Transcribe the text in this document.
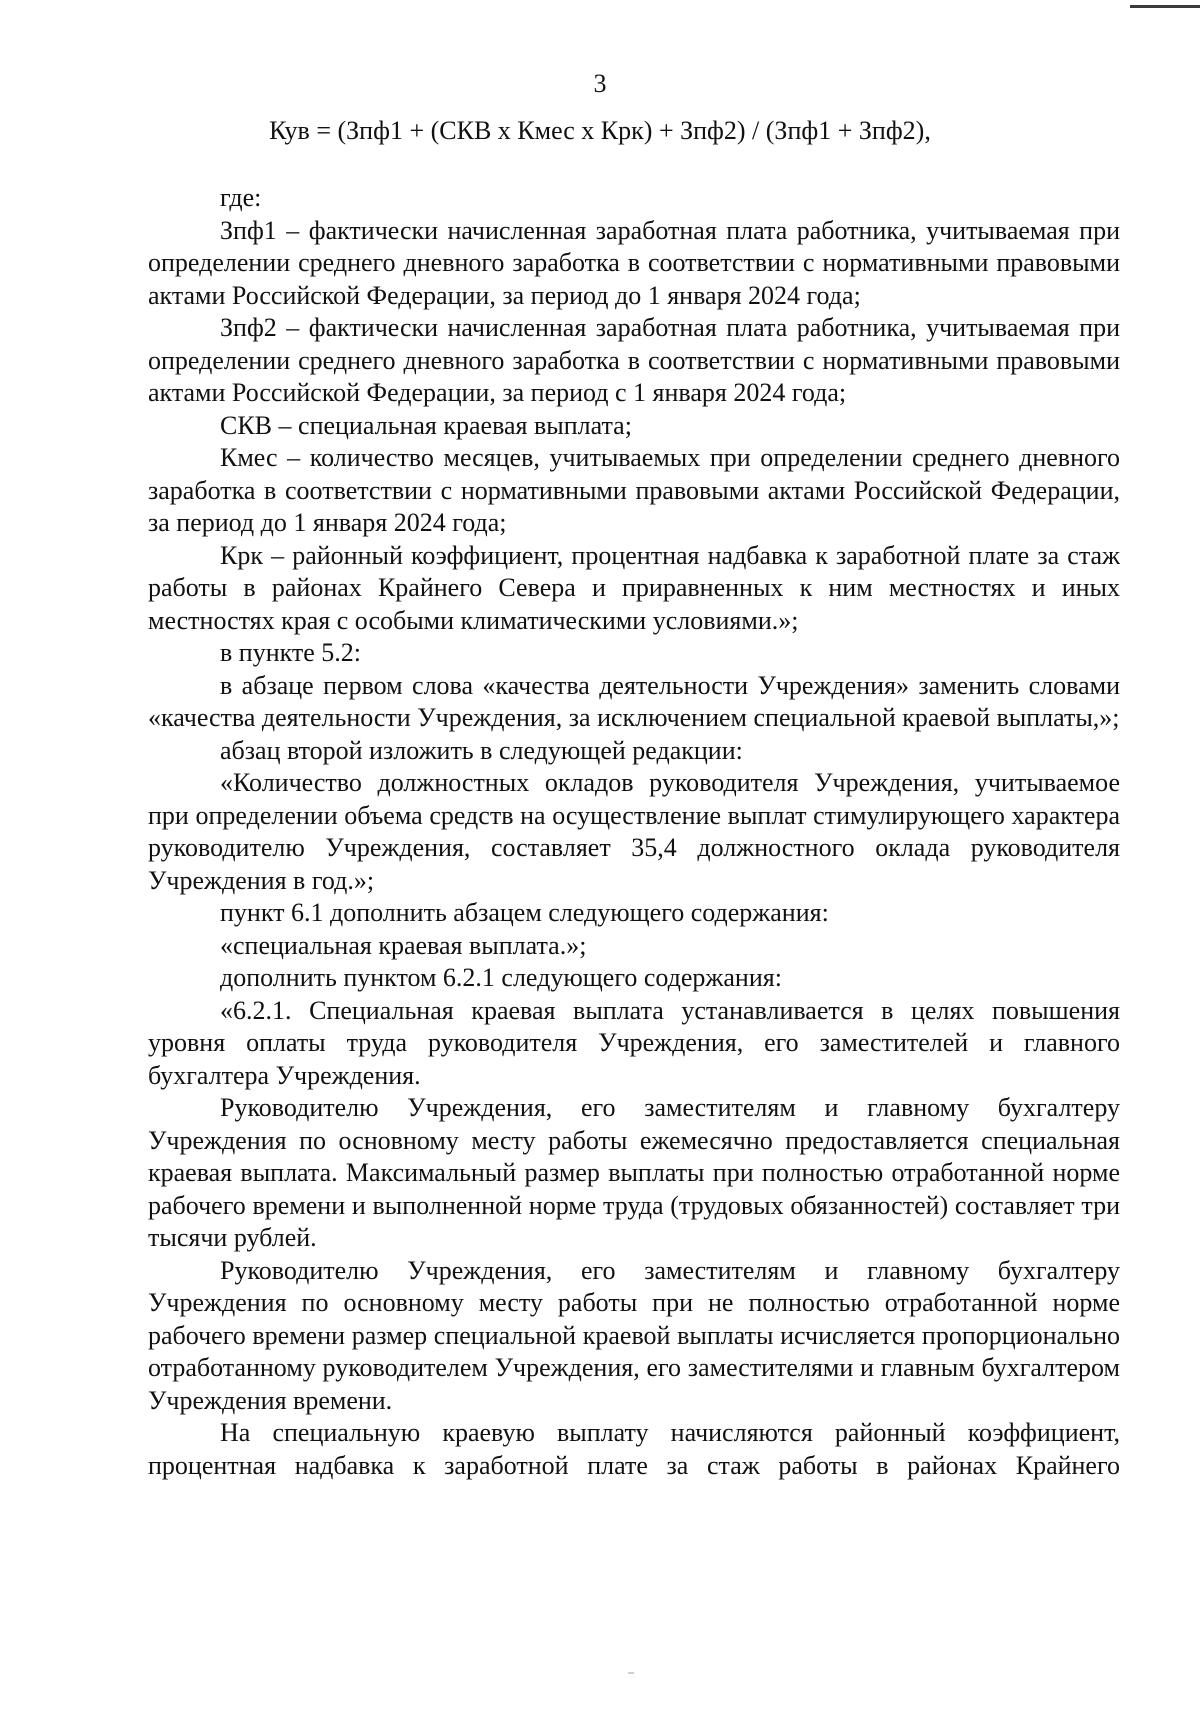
3
Кув = (Зпф1 + (СКВ x Кмес x Крк) + Зпф2) / (Зпф1 + Зпф2),

где:

Зпф1 – фактически начисленная заработная плата работника, учитываемая при определении среднего дневного заработка в соответствии с нормативными правовыми актами Российской Федерации, за период до 1 января 2024 года;

Зпф2 – фактически начисленная заработная плата работника, учитываемая при определении среднего дневного заработка в соответствии с нормативными правовыми актами Российской Федерации, за период с 1 января 2024 года;

СКВ – специальная краевая выплата;

Кмес – количество месяцев, учитываемых при определении среднего дневного заработка в соответствии с нормативными правовыми актами Российской Федерации, за период до 1 января 2024 года;

Крк – районный коэффициент, процентная надбавка к заработной плате за стаж работы в районах Крайнего Севера и приравненных к ним местностях и иных местностях края с особыми климатическими условиями.»;

в пункте 5.2:

в абзаце первом слова «качества деятельности Учреждения» заменить словами «качества деятельности Учреждения, за исключением специальной краевой выплаты,»;

абзац второй изложить в следующей редакции:

«Количество должностных окладов руководителя Учреждения, учитываемое при определении объема средств на осуществление выплат стимулирующего характера руководителю Учреждения, составляет 35,4 должностного оклада руководителя Учреждения в год.»;

пункт 6.1 дополнить абзацем следующего содержания:

«специальная краевая выплата.»;

дополнить пунктом 6.2.1 следующего содержания:

«6.2.1. Специальная краевая выплата устанавливается в целях повышения уровня оплаты труда руководителя Учреждения, его заместителей и главного бухгалтера Учреждения.

Руководителю Учреждения, его заместителям и главному бухгалтеру Учреждения по основному месту работы ежемесячно предоставляется специальная краевая выплата. Максимальный размер выплаты при полностью отработанной норме рабочего времени и выполненной норме труда (трудовых обязанностей) составляет три тысячи рублей.

Руководителю Учреждения, его заместителям и главному бухгалтеру Учреждения по основному месту работы при не полностью отработанной норме рабочего времени размер специальной краевой выплаты исчисляется пропорционально отработанному руководителем Учреждения, его заместителями и главным бухгалтером Учреждения времени.

На специальную краевую выплату начисляются районный коэффициент, процентная надбавка к заработной плате за стаж работы в районах Крайнего
